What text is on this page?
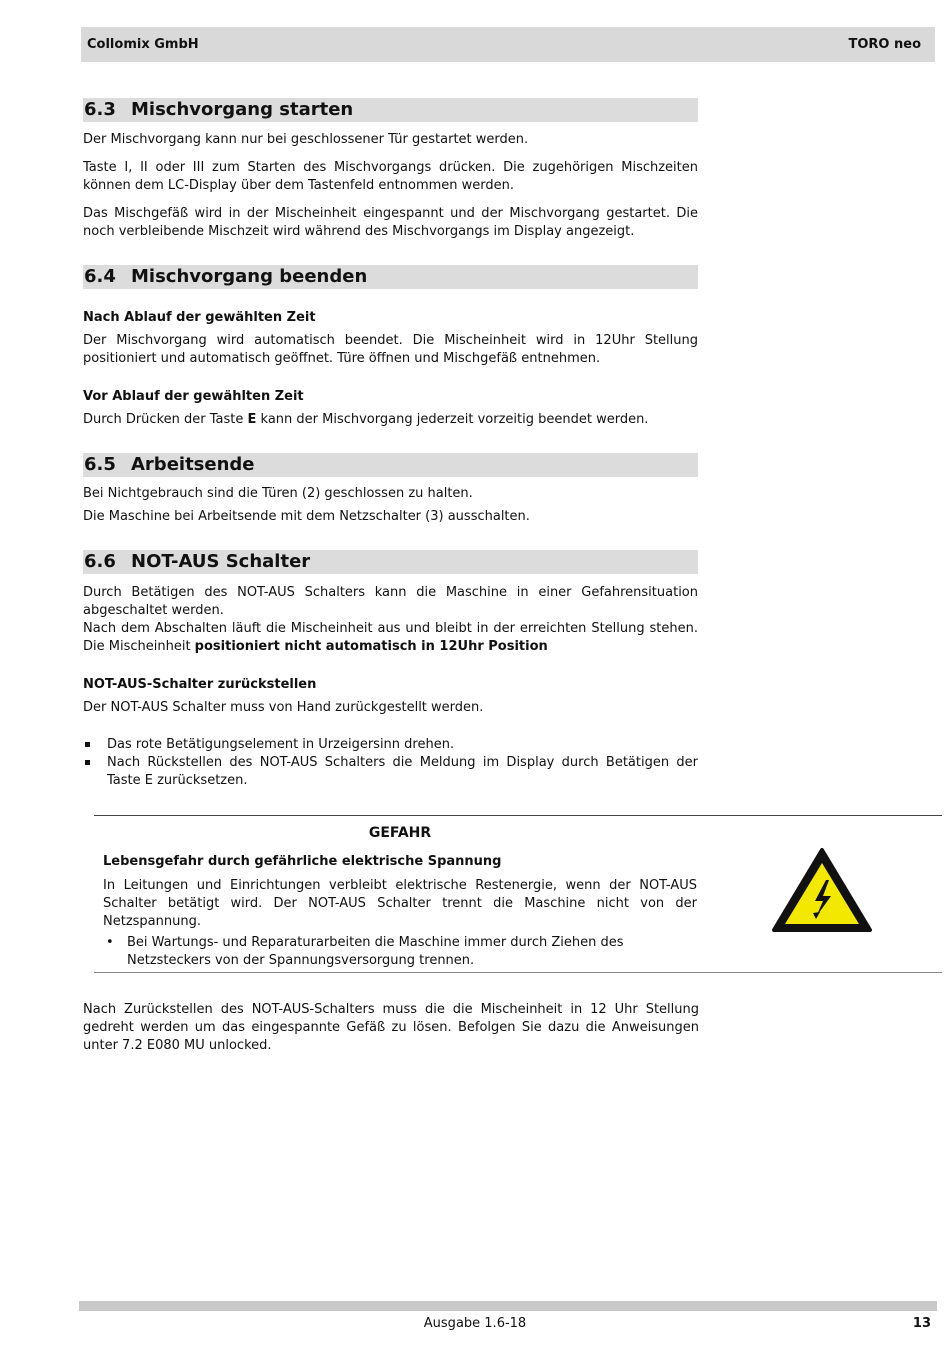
Collomix GmbH	TORO neo
6.3 Mischvorgang starten

Der Mischvorgang kann nur bei geschlossener Tür gestartet werden.

Taste I, II oder III zum Starten des Mischvorgangs drücken. Die zugehörigen Mischzeiten können dem LC-Display über dem Tastenfeld entnommen werden.

Das Mischgefäß wird in der Mischeinheit eingespannt und der Mischvorgang gestartet. Die noch verbleibende Mischzeit wird während des Mischvorgangs im Display angezeigt.

6.4 Mischvorgang beenden

Nach Ablauf der gewählten Zeit

Der Mischvorgang wird automatisch beendet. Die Mischeinheit wird in 12Uhr Stellung positioniert und automatisch geöffnet. Türe öffnen und Mischgefäß entnehmen.

Vor Ablauf der gewählten Zeit

Durch Drücken der Taste E kann der Mischvorgang jederzeit vorzeitig beendet werden.

6.5 Arbeitsende

Bei Nichtgebrauch sind die Türen (2) geschlossen zu halten.

Die Maschine bei Arbeitsende mit dem Netzschalter (3) ausschalten.

6.6 NOT-AUS Schalter

Durch Betätigen des NOT-AUS Schalters kann die Maschine in einer Gefahrensituation abgeschaltet werden.

Nach dem Abschalten läuft die Mischeinheit aus und bleibt in der erreichten Stellung stehen. Die Mischeinheit positioniert nicht automatisch in 12Uhr Position

NOT-AUS-Schalter zurückstellen

Der NOT-AUS Schalter muss von Hand zurückgestellt werden.

Das rote Betätigungselement in Urzeigersinn drehen.
Nach Rückstellen des NOT-AUS Schalters die Meldung im Display durch Betätigen der Taste E zurücksetzen.
GEFAHR
Lebensgefahr durch gefährliche elektrische Spannung
In Leitungen und Einrichtungen verbleibt elektrische Restenergie, wenn der NOT-AUS Schalter betätigt wird. Der NOT-AUS Schalter trennt die Maschine nicht von der Netzspannung.
• Bei Wartungs- und Reparaturarbeiten die Maschine immer durch Ziehen des Netzsteckers von der Spannungsversorgung trennen.

Nach Zurückstellen des NOT-AUS-Schalters muss die die Mischeinheit in 12 Uhr Stellung gedreht werden um das eingespannte Gefäß zu lösen. Befolgen Sie dazu die Anweisungen unter 7.2 E080 MU unlocked.

Ausgabe 1.6-18	13
